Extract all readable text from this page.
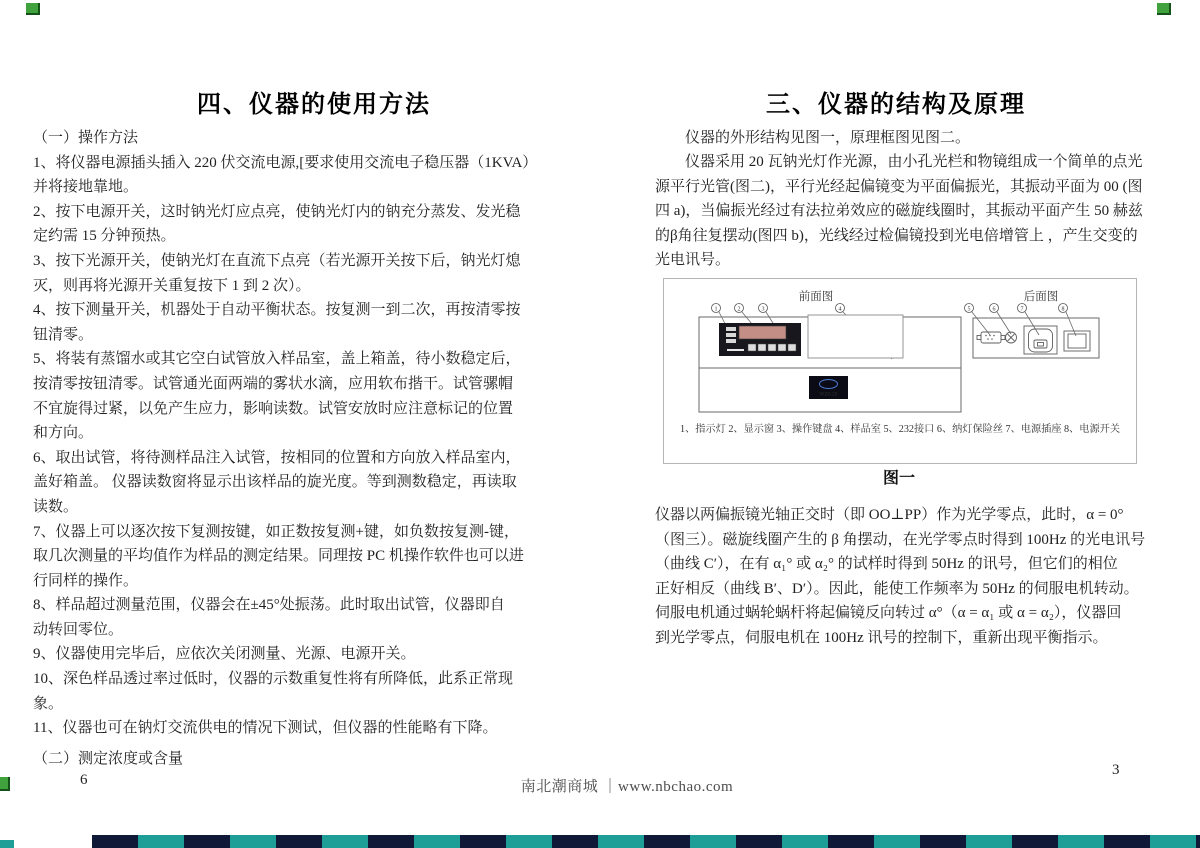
四、仪器的使用方法
（一）操作方法
1、将仪器电源插头插入 220 伏交流电源,[要求使用交流电子稳压器（1KVA）
并将接地靠地。
2、按下电源开关，这时钠光灯应点亮，使钠光灯内的钠充分蒸发、发光稳
定约需 15 分钟预热。
3、按下光源开关，使钠光灯在直流下点亮（若光源开关按下后，钠光灯熄
灭，则再将光源开关重复按下 1 到 2 次）。
4、按下测量开关，机器处于自动平衡状态。按复测一到二次，再按清零按
钮清零。
5、将装有蒸馏水或其它空白试管放入样品室，盖上箱盖，待小数稳定后，
按清零按钮清零。试管通光面两端的雾状水滴，应用软布揩干。试管骡帽
不宜旋得过紧，以免产生应力，影响读数。试管安放时应注意标记的位置
和方向。
6、取出试管，将待测样品注入试管，按相同的位置和方向放入样品室内，
盖好箱盖。 仪器读数窗将显示出该样品的旋光度。等到测数稳定，再读取
读数。
7、仪器上可以逐次按下复测按键，如正数按复测+键，如负数按复测-键，
取几次测量的平均值作为样品的测定结果。同理按 PC 机操作软件也可以进
行同样的操作。
8、样品超过测量范围，仪器会在±45°处振荡。此时取出试管，仪器即自
动转回零位。
9、仪器使用完毕后，应依次关闭测量、光源、电源开关。
10、深色样品透过率过低时，仪器的示数重复性将有所降低，此系正常现
象。
11、仪器也可在钠灯交流供电的情况下测试，但仪器的性能略有下降。
（二）测定浓度或含量
6
三、仪器的结构及原理
　　仪器的外形结构见图一，原理框图见图二。
　　仪器采用 20 瓦钠光灯作光源，由小孔光栏和物镜组成一个简单的点光
源平行光管(图二)，平行光经起偏镜变为平面偏振光，其振动平面为 00 (图
四 a)，当偏振光经过有法拉弟效应的磁旋线圈时，其振动平面产生 50 赫兹
的β角往复摆动(图四 b)，光线经过检偏镜投到光电倍增管上 ，产生交变的
光电讯号。
前面图	后面图
1	2	3	4	5	6	7	8
WZZ-2S
1、指示灯 2、显示窗 3、操作键盘 4、样品室 5、232接口 6、纳灯保险丝 7、电源插座 8、电源开关
图一
仪器以两偏振镜光轴正交时（即 OO⊥PP）作为光学零点，此时，α = 0°
（图三）。磁旋线圈产生的 β 角摆动，在光学零点时得到 100Hz 的光电讯号
（曲线 C′），在有 α₁° 或 α₂° 的试样时得到 50Hz 的讯号，但它们的相位
正好相反（曲线 B′、D′）。因此，能使工作频率为 50Hz 的伺服电机转动。
伺服电机通过蜗轮蜗杆将起偏镜反向转过 α°（α = α₁ 或 α = α₂），仪器回
到光学零点，伺服电机在 100Hz 讯号的控制下，重新出现平衡指示。
3
南北潮商城 ｜www.nbchao.com
